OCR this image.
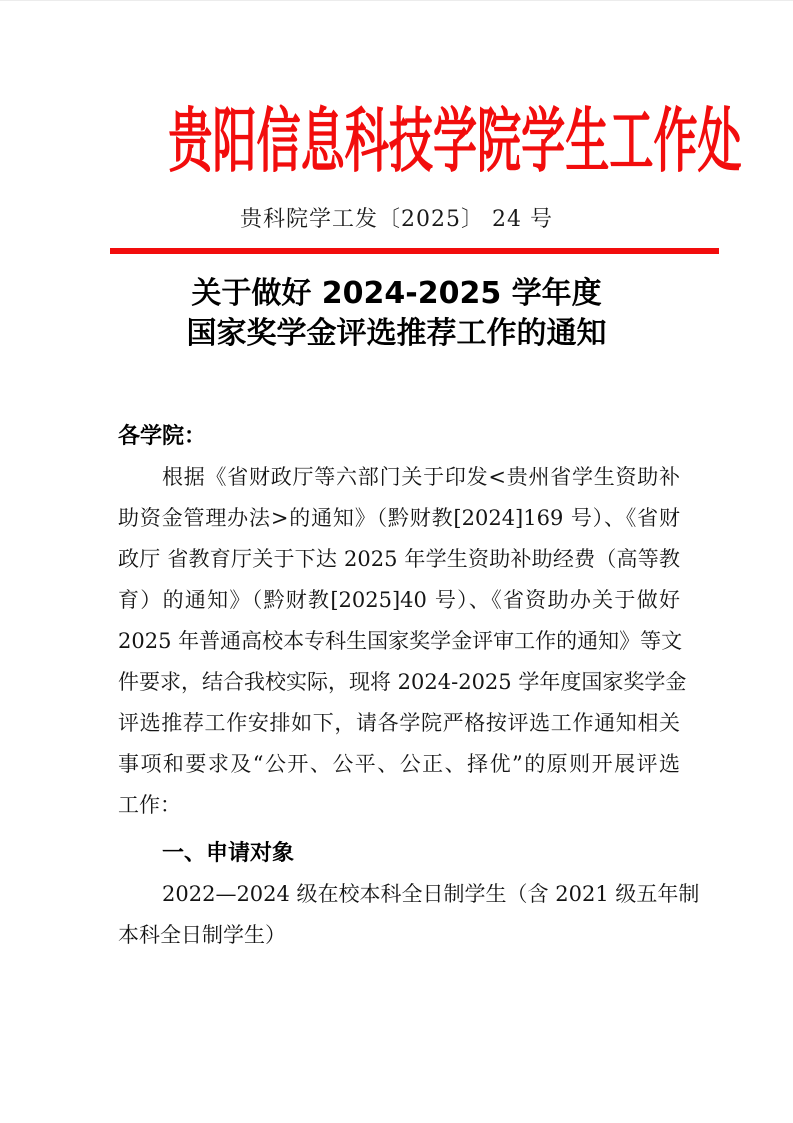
贵阳信息科技学院学生工作处
贵科院学工发〔2025〕 24 号
关于做好 2024-2025 学年度
国家奖学金评选推荐工作的通知
各学院：
根据《省财政厅等六部门关于印发<贵州省学生资助补
助资金管理办法>的通知》（黔财教[2024]169 号）、《省财
政厅 省教育厅关于下达 2025 年学生资助补助经费（高等教
育）的通知》（黔财教[2025]40 号）、《省资助办关于做好
2025 年普通高校本专科生国家奖学金评审工作的通知》等文
件要求，结合我校实际，现将 2024-2025 学年度国家奖学金
评选推荐工作安排如下，请各学院严格按评选工作通知相关
事项和要求及“公开、公平、公正、择优”的原则开展评选
工作：
一、申请对象
2022—2024 级在校本科全日制学生（含 2021 级五年制
本科全日制学生）
